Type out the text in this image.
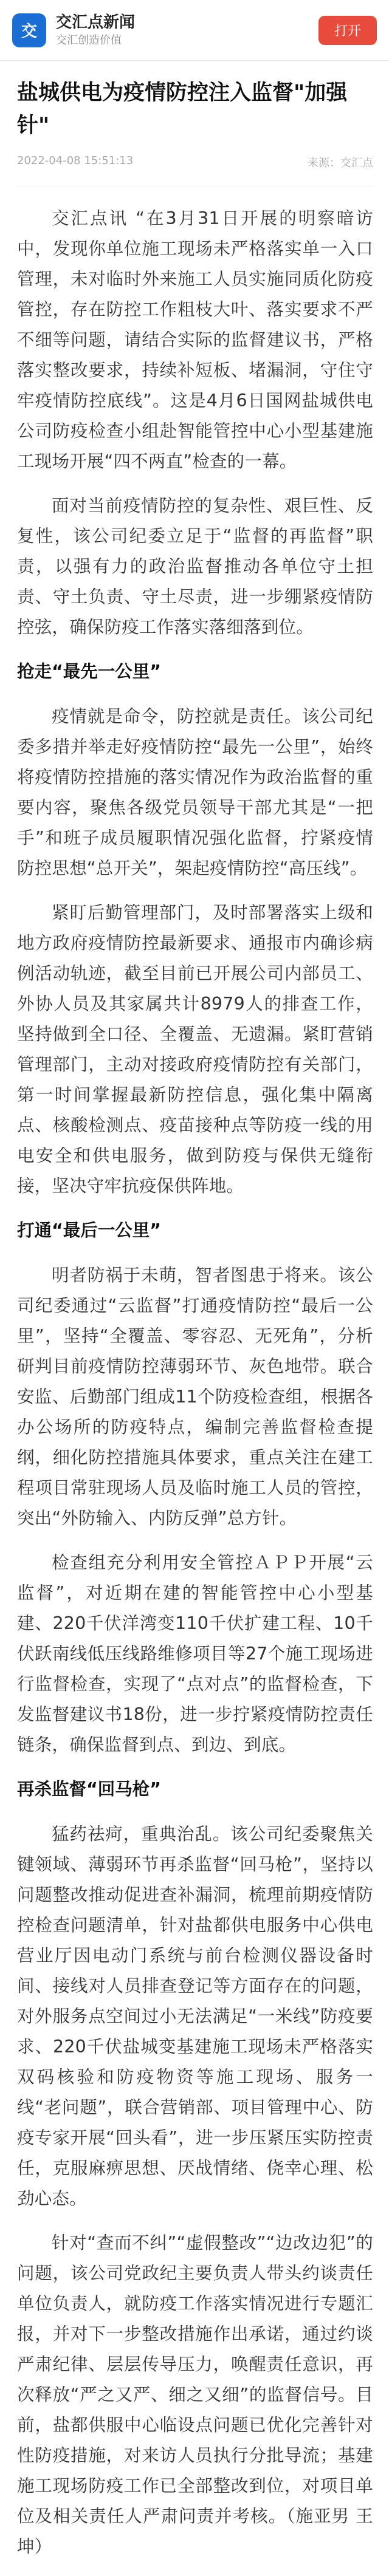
交
交汇点新闻
交汇创造价值
打开
盐城供电为疫情防控注入监督"加强针"
2022-04-08 15:51:13	来源：交汇点

交汇点讯 “在3月31日开展的明察暗访中，发现你单位施工现场未严格落实单一入口管理，未对临时外来施工人员实施同质化防疫管控，存在防控工作粗枝大叶、落实要求不严不细等问题，请结合实际的监督建议书，严格落实整改要求，持续补短板、堵漏洞，守住守牢疫情防控底线”。这是4月6日国网盐城供电公司防疫检查小组赴智能管控中心小型基建施工现场开展“四不两直”检查的一幕。

面对当前疫情防控的复杂性、艰巨性、反复性，该公司纪委立足于“监督的再监督”职责，以强有力的政治监督推动各单位守土担责、守土负责、守土尽责，进一步绷紧疫情防控弦，确保防疫工作落实落细落到位。

抢走“最先一公里”

疫情就是命令，防控就是责任。该公司纪委多措并举走好疫情防控“最先一公里”，始终将疫情防控措施的落实情况作为政治监督的重要内容，聚焦各级党员领导干部尤其是“一把手”和班子成员履职情况强化监督，拧紧疫情防控思想“总开关”，架起疫情防控“高压线”。

紧盯后勤管理部门，及时部署落实上级和地方政府疫情防控最新要求、通报市内确诊病例活动轨迹，截至目前已开展公司内部员工、外协人员及其家属共计8979人的排查工作，坚持做到全口径、全覆盖、无遗漏。紧盯营销管理部门，主动对接政府疫情防控有关部门，第一时间掌握最新防控信息，强化集中隔离点、核酸检测点、疫苗接种点等防疫一线的用电安全和供电服务，做到防疫与保供无缝衔接，坚决守牢抗疫保供阵地。

打通“最后一公里”

明者防祸于未萌，智者图患于将来。该公司纪委通过“云监督”打通疫情防控“最后一公里”，坚持“全覆盖、零容忍、无死角”，分析研判目前疫情防控薄弱环节、灰色地带。联合安监、后勤部门组成11个防疫检查组，根据各办公场所的防疫特点，编制完善监督检查提纲，细化防控措施具体要求，重点关注在建工程项目常驻现场人员及临时施工人员的管控，突出“外防输入、内防反弹”总方针。

检查组充分利用安全管控ＡＰＰ开展“云监督”，对近期在建的智能管控中心小型基建、220千伏洋湾变110千伏扩建工程、10千伏跃南线低压线路维修项目等27个施工现场进行监督检查，实现了“点对点”的监督检查，下发监督建议书18份，进一步拧紧疫情防控责任链条，确保监督到点、到边、到底。

再杀监督“回马枪”

猛药祛疴，重典治乱。该公司纪委聚焦关键领域、薄弱环节再杀监督“回马枪”，坚持以问题整改推动促进查补漏洞，梳理前期疫情防控检查问题清单，针对盐都供电服务中心供电营业厅因电动门系统与前台检测仪器设备时间、接线对人员排查登记等方面存在的问题，对外服务点空间过小无法满足“一米线”防疫要求、220千伏盐城变基建施工现场未严格落实双码核验和防疫物资等施工现场、服务一线“老问题”，联合营销部、项目管理中心、防疫专家开展“回头看”，进一步压紧压实防控责任，克服麻痹思想、厌战情绪、侥幸心理、松劲心态。

针对“查而不纠”“虚假整改”“边改边犯”的问题，该公司党政纪主要负责人带头约谈责任单位负责人，就防疫工作落实情况进行专题汇报，并对下一步整改措施作出承诺，通过约谈严肃纪律、层层传导压力，唤醒责任意识，再次释放“严之又严、细之又细”的监督信号。目前，盐都供服中心临设点问题已优化完善针对性防疫措施，对来访人员执行分批导流；基建施工现场防疫工作已全部整改到位，对项目单位及相关责任人严肃问责并考核。（施亚男 王坤）
